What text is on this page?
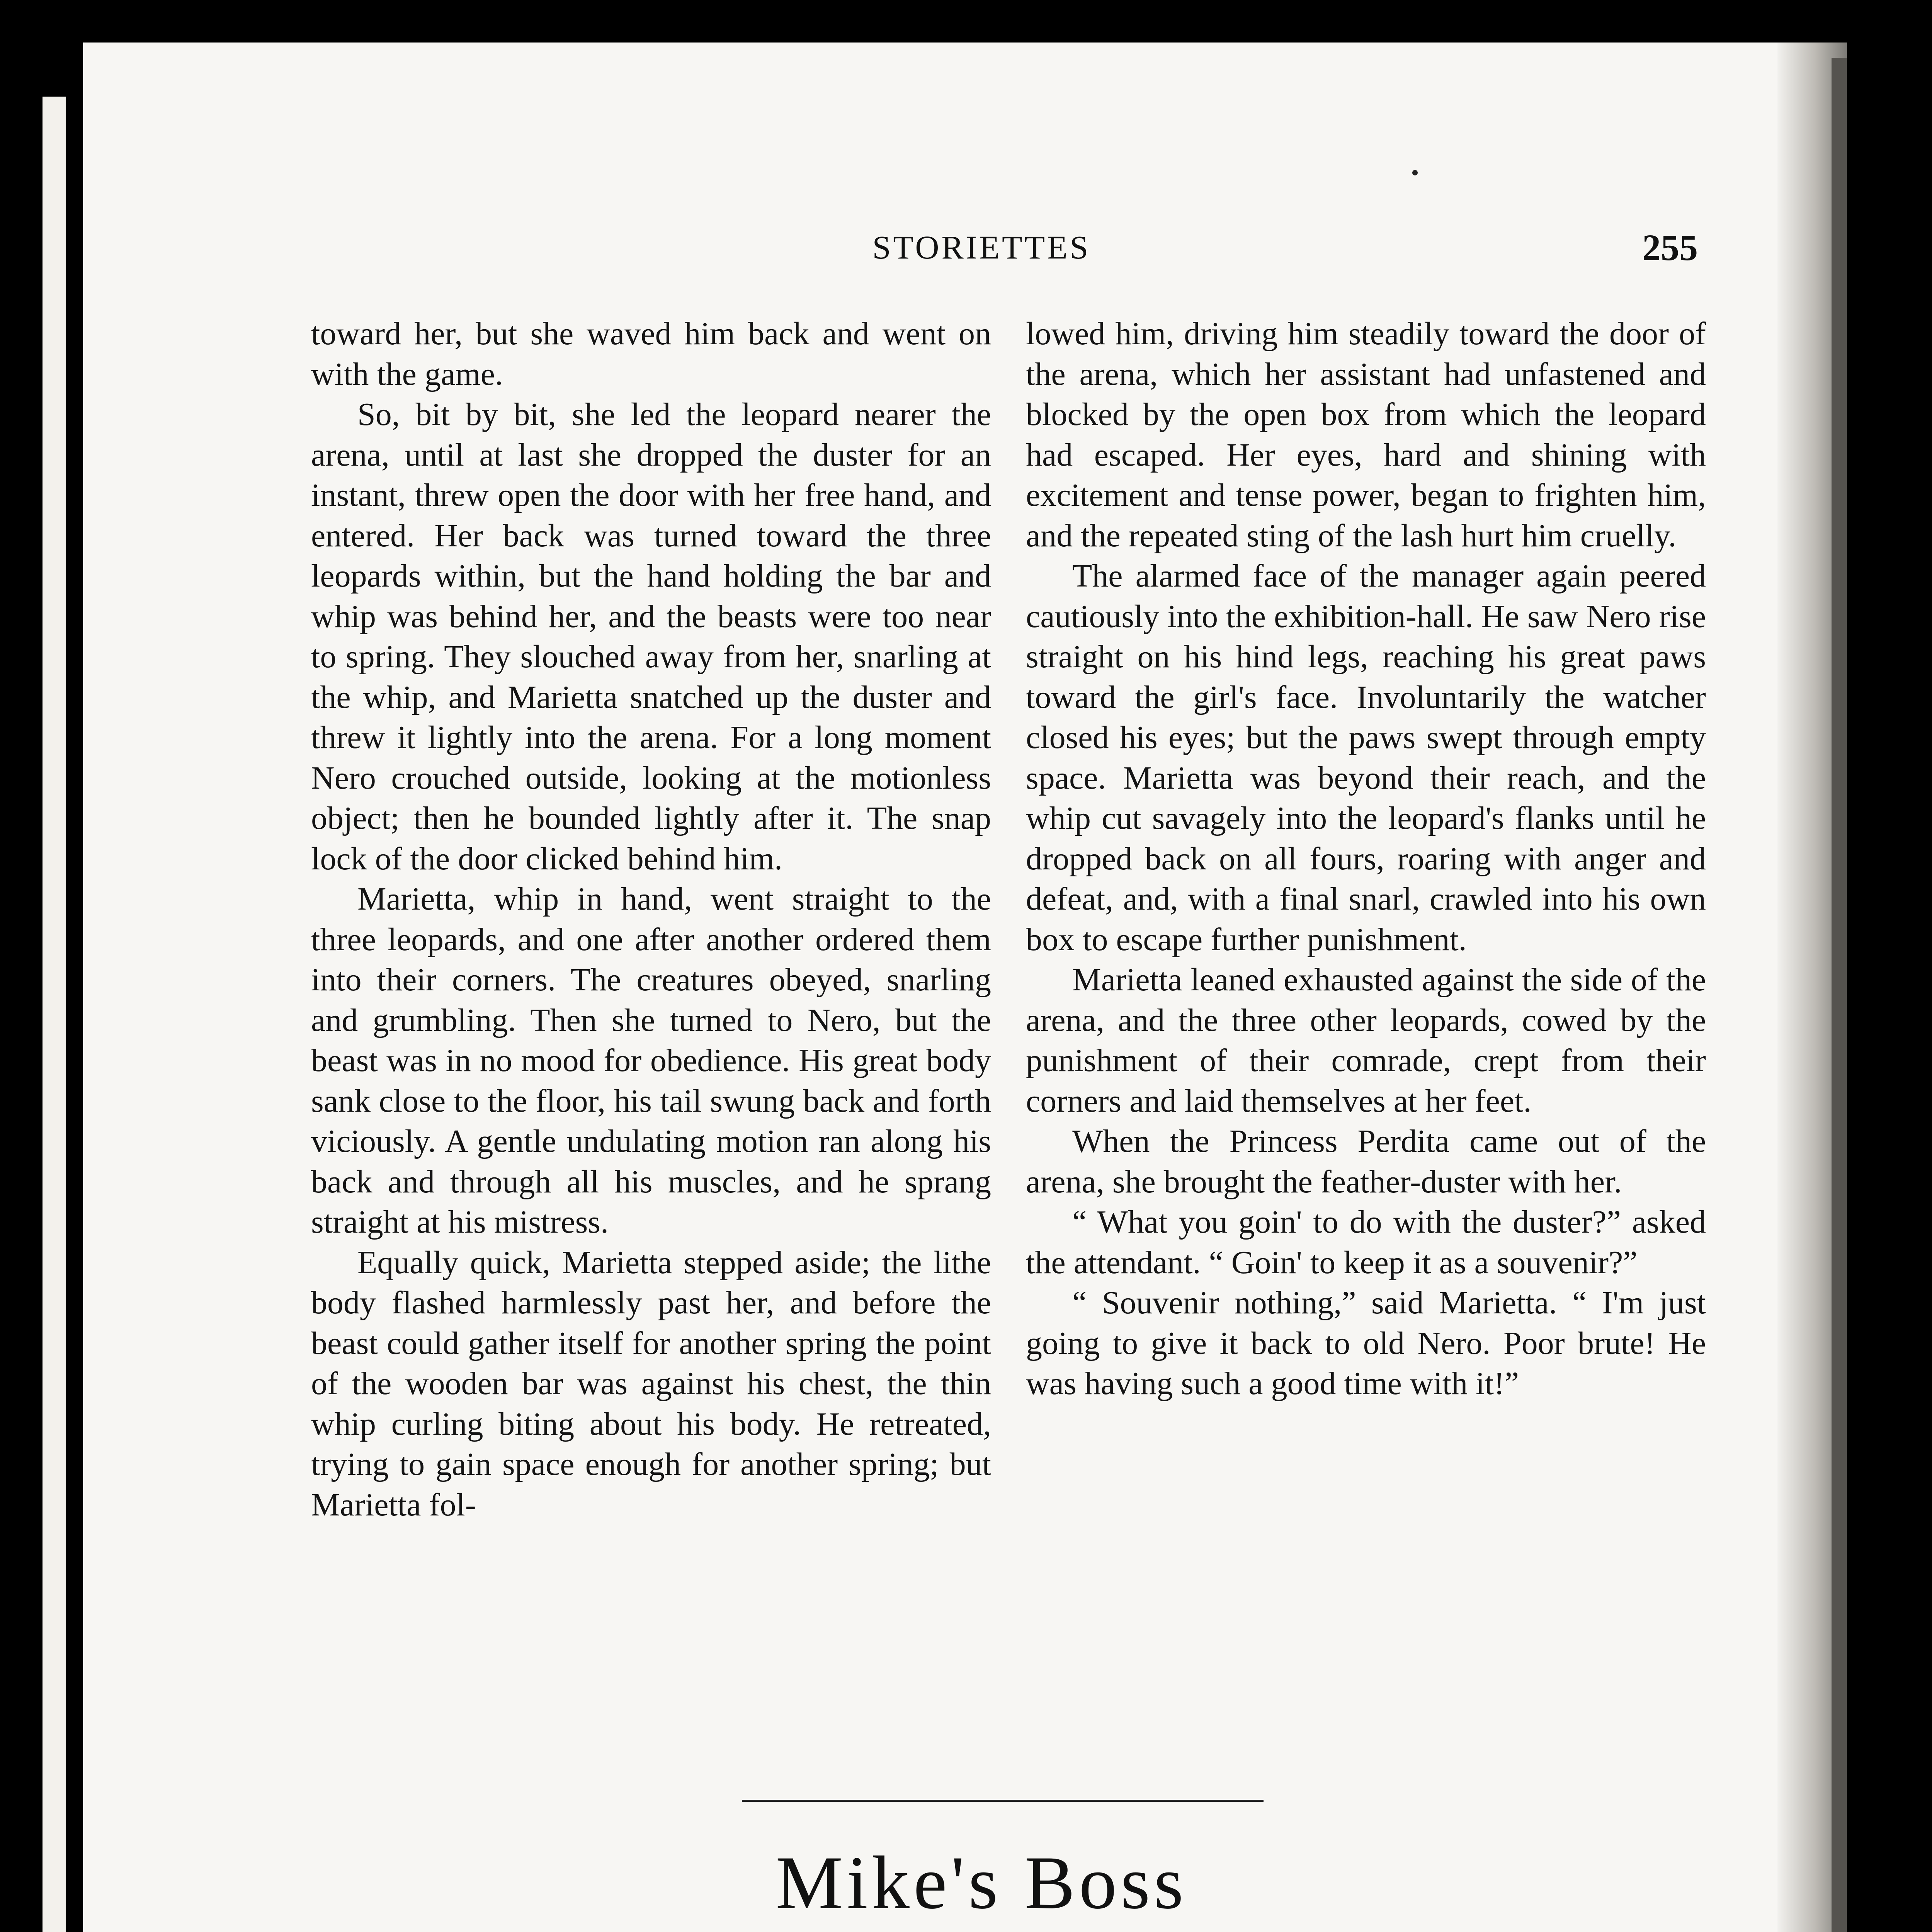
STORIETTES	255

toward her, but she waved him back and went on with the game.

So, bit by bit, she led the leopard nearer the arena, until at last she dropped the duster for an instant, threw open the door with her free hand, and entered. Her back was turned toward the three leopards within, but the hand holding the bar and whip was behind her, and the beasts were too near to spring. They slouched away from her, snarling at the whip, and Marietta snatched up the duster and threw it lightly into the arena. For a long moment Nero crouched outside, looking at the motionless object; then he bounded lightly after it. The snap lock of the door clicked behind him.

Marietta, whip in hand, went straight to the three leopards, and one after another ordered them into their corners. The creatures obeyed, snarling and grumbling. Then she turned to Nero, but the beast was in no mood for obedience. His great body sank close to the floor, his tail swung back and forth viciously. A gentle undulating motion ran along his back and through all his muscles, and he sprang straight at his mistress.

Equally quick, Marietta stepped aside; the lithe body flashed harmlessly past her, and before the beast could gather itself for another spring the point of the wooden bar was against his chest, the thin whip curling biting about his body. He retreated, trying to gain space enough for another spring; but Marietta fol-

lowed him, driving him steadily toward the door of the arena, which her assistant had unfastened and blocked by the open box from which the leopard had escaped. Her eyes, hard and shining with excitement and tense power, began to frighten him, and the repeated sting of the lash hurt him cruelly.

The alarmed face of the manager again peered cautiously into the exhibition-hall. He saw Nero rise straight on his hind legs, reaching his great paws toward the girl's face. Involuntarily the watcher closed his eyes; but the paws swept through empty space. Marietta was beyond their reach, and the whip cut savagely into the leopard's flanks until he dropped back on all fours, roaring with anger and defeat, and, with a final snarl, crawled into his own box to escape further punishment.

Marietta leaned exhausted against the side of the arena, and the three other leopards, cowed by the punishment of their comrade, crept from their corners and laid themselves at her feet.

When the Princess Perdita came out of the arena, she brought the feather-duster with her.

“ What you goin' to do with the duster?” asked the attendant. “ Goin' to keep it as a souvenir?”

“ Souvenir nothing,” said Marietta. “ I'm just going to give it back to old Nero. Poor brute! He was having such a good time with it!”

Mike's Boss
